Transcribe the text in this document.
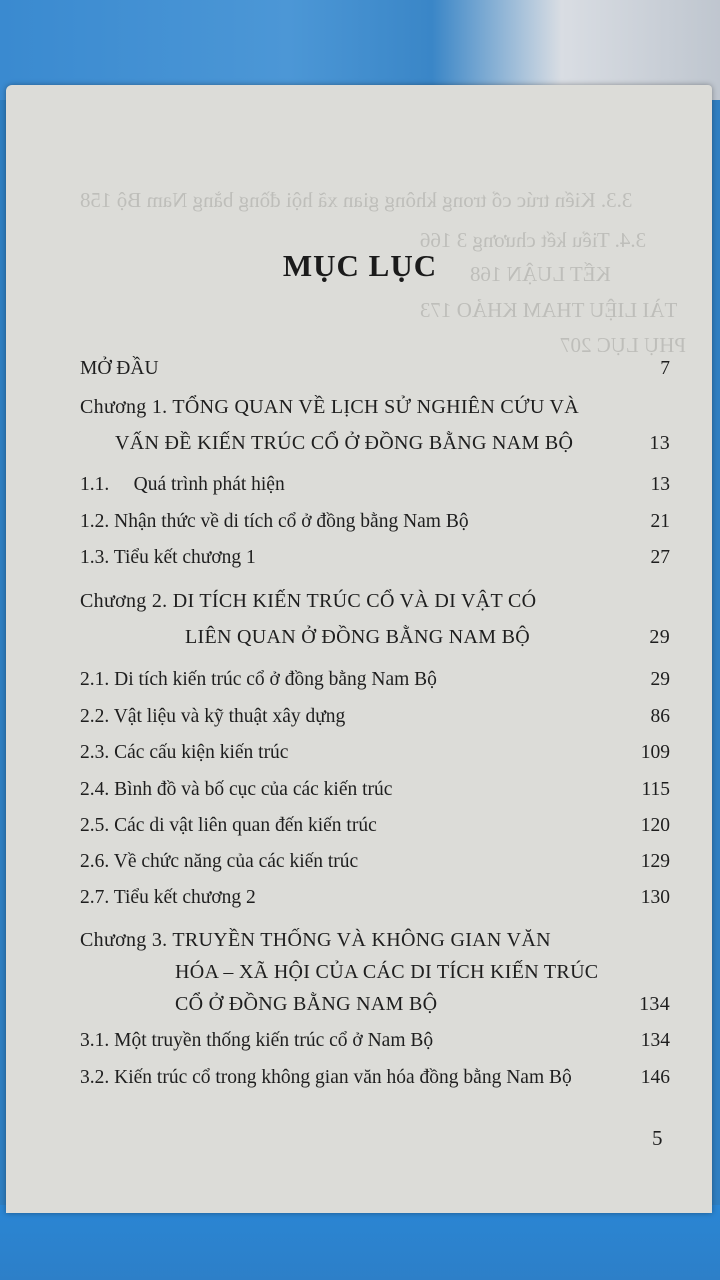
3.3. Kiến trúc cổ trong không gian xã hội đồng bằng Nam Bộ 158
3.4. Tiểu kết chương 3 166
KẾT LUẬN 168
TÀI LIỆU THAM KHẢO 173
PHỤ LỤC 207
MỤC LỤC
MỞ ĐẦU	7
Chương 1. TỔNG QUAN VỀ LỊCH SỬ NGHIÊN CỨU VÀ
VẤN ĐỀ KIẾN TRÚC CỔ Ở ĐỒNG BẰNG NAM BỘ	13
1.1.     Quá trình phát hiện	13
1.2. Nhận thức về di tích cổ ở đồng bằng Nam Bộ	21
1.3. Tiểu kết chương 1	27
Chương 2. DI TÍCH KIẾN TRÚC CỔ VÀ DI VẬT CÓ
LIÊN QUAN Ở ĐỒNG BẰNG NAM BỘ	29
2.1. Di tích kiến trúc cổ ở đồng bằng Nam Bộ	29
2.2. Vật liệu và kỹ thuật xây dựng	86
2.3. Các cấu kiện kiến trúc	109
2.4. Bình đồ và bố cục của các kiến trúc	115
2.5. Các di vật liên quan đến kiến trúc	120
2.6. Về chức năng của các kiến trúc	129
2.7. Tiểu kết chương 2	130
Chương 3. TRUYỀN THỐNG VÀ KHÔNG GIAN VĂN
HÓA – XÃ HỘI CỦA CÁC DI TÍCH KIẾN TRÚC
CỔ Ở ĐỒNG BẰNG NAM BỘ	134
3.1. Một truyền thống kiến trúc cổ ở Nam Bộ	134
3.2. Kiến trúc cổ trong không gian văn hóa đồng bằng Nam Bộ	146
5
